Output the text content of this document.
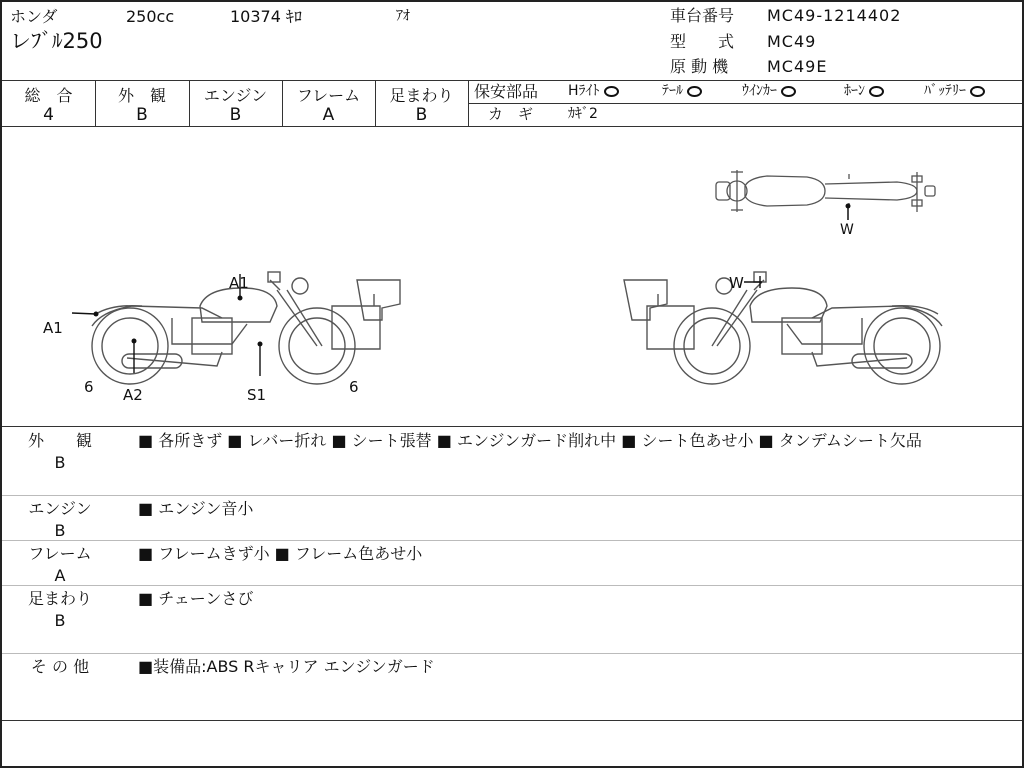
ホンダ	250cc	10374 ｷﾛ	ｱｵ
レﾌﾞﾙ250
車台番号 MC49-1214402
型　　式 MC49
原 動 機 MC49E
総　合
4
外　観
B
エンジン
B
フレーム
A
足まわり
B
保安部品 Hﾗｲﾄ	ﾃｰﾙ	ｳｲﾝｶｰ	ﾎｰﾝ	ﾊﾞｯﾃﾘｰ
カ　ギ ｶｷﾞ2
W
A1
A1
A2	S1
6	6
W
外　　観
B
■ 各所きず ■ レバー折れ ■ シート張替 ■ エンジンガード削れ中 ■ シート色あせ小 ■ タンデムシート欠品
エンジン
B
■ エンジン音小
フレーム
A
■ フレームきず小 ■ フレーム色あせ小
足まわり
B
■ チェーンさび
そ の 他	■装備品:ABS Rキャリア エンジンガード
